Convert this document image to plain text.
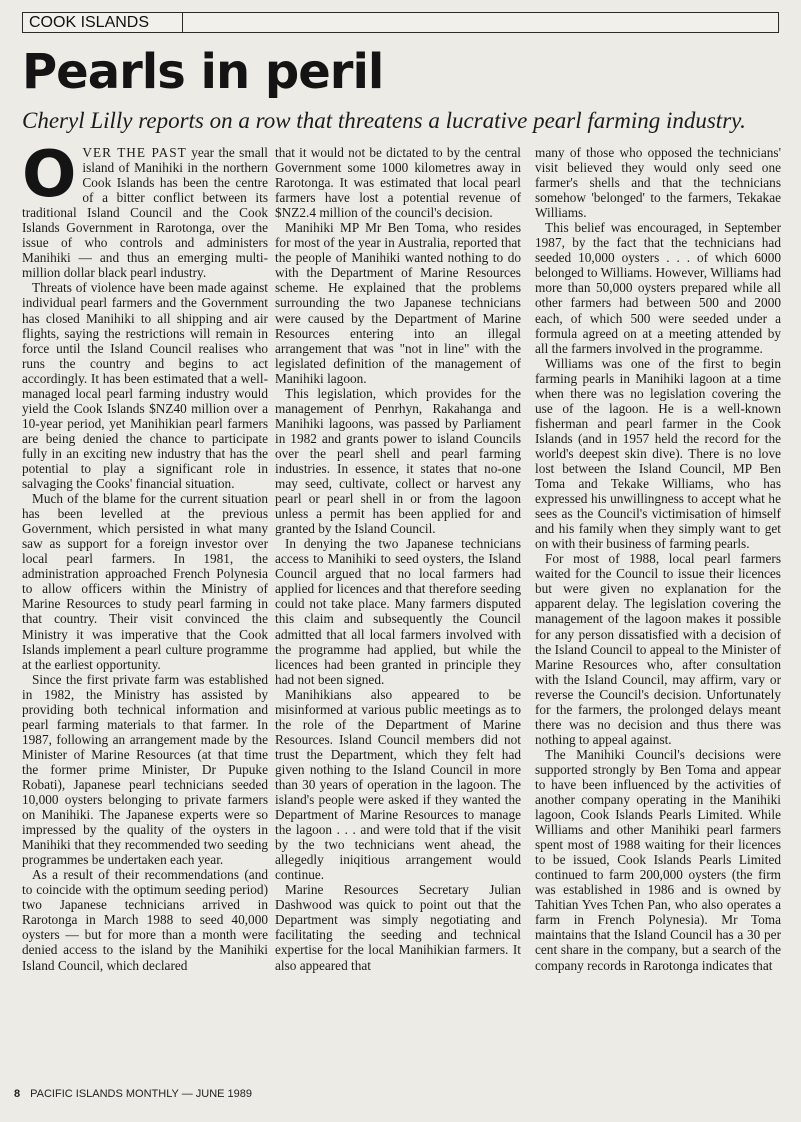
COOK ISLANDS
Pearls in peril

Cheryl Lilly reports on a row that threatens a lucrative pearl farming industry.

OVER THE PAST year the small island of Manihiki in the northern Cook Islands has been the centre of a bitter conflict between its traditional Island Council and the Cook Islands Government in Rarotonga, over the issue of who controls and administers Manihiki — and thus an emerging multi-million dollar black pearl industry.

Threats of violence have been made against individual pearl farmers and the Government has closed Manihiki to all shipping and air flights, saying the restrictions will remain in force until the Island Council realises who runs the country and begins to act accordingly. It has been estimated that a well-managed local pearl farming industry would yield the Cook Islands $NZ40 million over a 10-year period, yet Manihikian pearl farmers are being denied the chance to participate fully in an exciting new industry that has the potential to play a significant role in salvaging the Cooks' financial situation.

Much of the blame for the current situation has been levelled at the previous Government, which persisted in what many saw as support for a foreign investor over local pearl farmers. In 1981, the administration approached French Polynesia to allow officers within the Ministry of Marine Resources to study pearl farming in that country. Their visit convinced the Ministry it was imperative that the Cook Islands implement a pearl culture programme at the earliest opportunity.

Since the first private farm was established in 1982, the Ministry has assisted by providing both technical information and pearl farming materials to that farmer. In 1987, following an arrangement made by the Minister of Marine Resources (at that time the former prime Minister, Dr Pupuke Robati), Japanese pearl technicians seeded 10,000 oysters belonging to private farmers on Manihiki. The Japanese experts were so impressed by the quality of the oysters in Manihiki that they recommended two seeding programmes be undertaken each year.

As a result of their recommendations (and to coincide with the optimum seeding period) two Japanese technicians arrived in Rarotonga in March 1988 to seed 40,000 oysters — but for more than a month were denied access to the island by the Manihiki Island Council, which declared

that it would not be dictated to by the central Government some 1000 kilometres away in Rarotonga. It was estimated that local pearl farmers have lost a potential revenue of $NZ2.4 million of the council's decision.

Manihiki MP Mr Ben Toma, who resides for most of the year in Australia, reported that the people of Manihiki wanted nothing to do with the Department of Marine Resources scheme. He explained that the problems surrounding the two Japanese technicians were caused by the Department of Marine Resources entering into an illegal arrangement that was "not in line" with the legislated definition of the management of Manihiki lagoon.

This legislation, which provides for the management of Penrhyn, Rakahanga and Manihiki lagoons, was passed by Parliament in 1982 and grants power to island Councils over the pearl shell and pearl farming industries. In essence, it states that no-one may seed, cultivate, collect or harvest any pearl or pearl shell in or from the lagoon unless a permit has been applied for and granted by the Island Council.

In denying the two Japanese technicians access to Manihiki to seed oysters, the Island Council argued that no local farmers had applied for licences and that therefore seeding could not take place. Many farmers disputed this claim and subsequently the Council admitted that all local farmers involved with the programme had applied, but while the licences had been granted in principle they had not been signed.

Manihikians also appeared to be misinformed at various public meetings as to the role of the Department of Marine Resources. Island Council members did not trust the Department, which they felt had given nothing to the Island Council in more than 30 years of operation in the lagoon. The island's people were asked if they wanted the Department of Marine Resources to manage the lagoon . . . and were told that if the visit by the two technicians went ahead, the allegedly iniqitious arrangement would continue.

Marine Resources Secretary Julian Dashwood was quick to point out that the Department was simply negotiating and facilitating the seeding and technical expertise for the local Manihikian farmers. It also appeared that

many of those who opposed the technicians' visit believed they would only seed one farmer's shells and that the technicians somehow 'belonged' to the farmers, Tekakae Williams.

This belief was encouraged, in September 1987, by the fact that the technicians had seeded 10,000 oysters . . . of which 6000 belonged to Williams. However, Williams had more than 50,000 oysters prepared while all other farmers had between 500 and 2000 each, of which 500 were seeded under a formula agreed on at a meeting attended by all the farmers involved in the programme.

Williams was one of the first to begin farming pearls in Manihiki lagoon at a time when there was no legislation covering the use of the lagoon. He is a well-known fisherman and pearl farmer in the Cook Islands (and in 1957 held the record for the world's deepest skin dive). There is no love lost between the Island Council, MP Ben Toma and Tekake Williams, who has expressed his unwillingness to accept what he sees as the Council's victimisation of himself and his family when they simply want to get on with their business of farming pearls.

For most of 1988, local pearl farmers waited for the Council to issue their licences but were given no explanation for the apparent delay. The legislation covering the management of the lagoon makes it possible for any person dissatisfied with a decision of the Island Council to appeal to the Minister of Marine Resources who, after consultation with the Island Council, may affirm, vary or reverse the Council's decision. Unfortunately for the farmers, the prolonged delays meant there was no decision and thus there was nothing to appeal against.

The Manihiki Council's decisions were supported strongly by Ben Toma and appear to have been influenced by the activities of another company operating in the Manihiki lagoon, Cook Islands Pearls Limited. While Williams and other Manihiki pearl farmers spent most of 1988 waiting for their licences to be issued, Cook Islands Pearls Limited continued to farm 200,000 oysters (the firm was established in 1986 and is owned by Tahitian Yves Tchen Pan, who also operates a farm in French Polynesia). Mr Toma maintains that the Island Council has a 30 per cent share in the company, but a search of the company records in Rarotonga indicates that

8 PACIFIC ISLANDS MONTHLY — JUNE 1989
